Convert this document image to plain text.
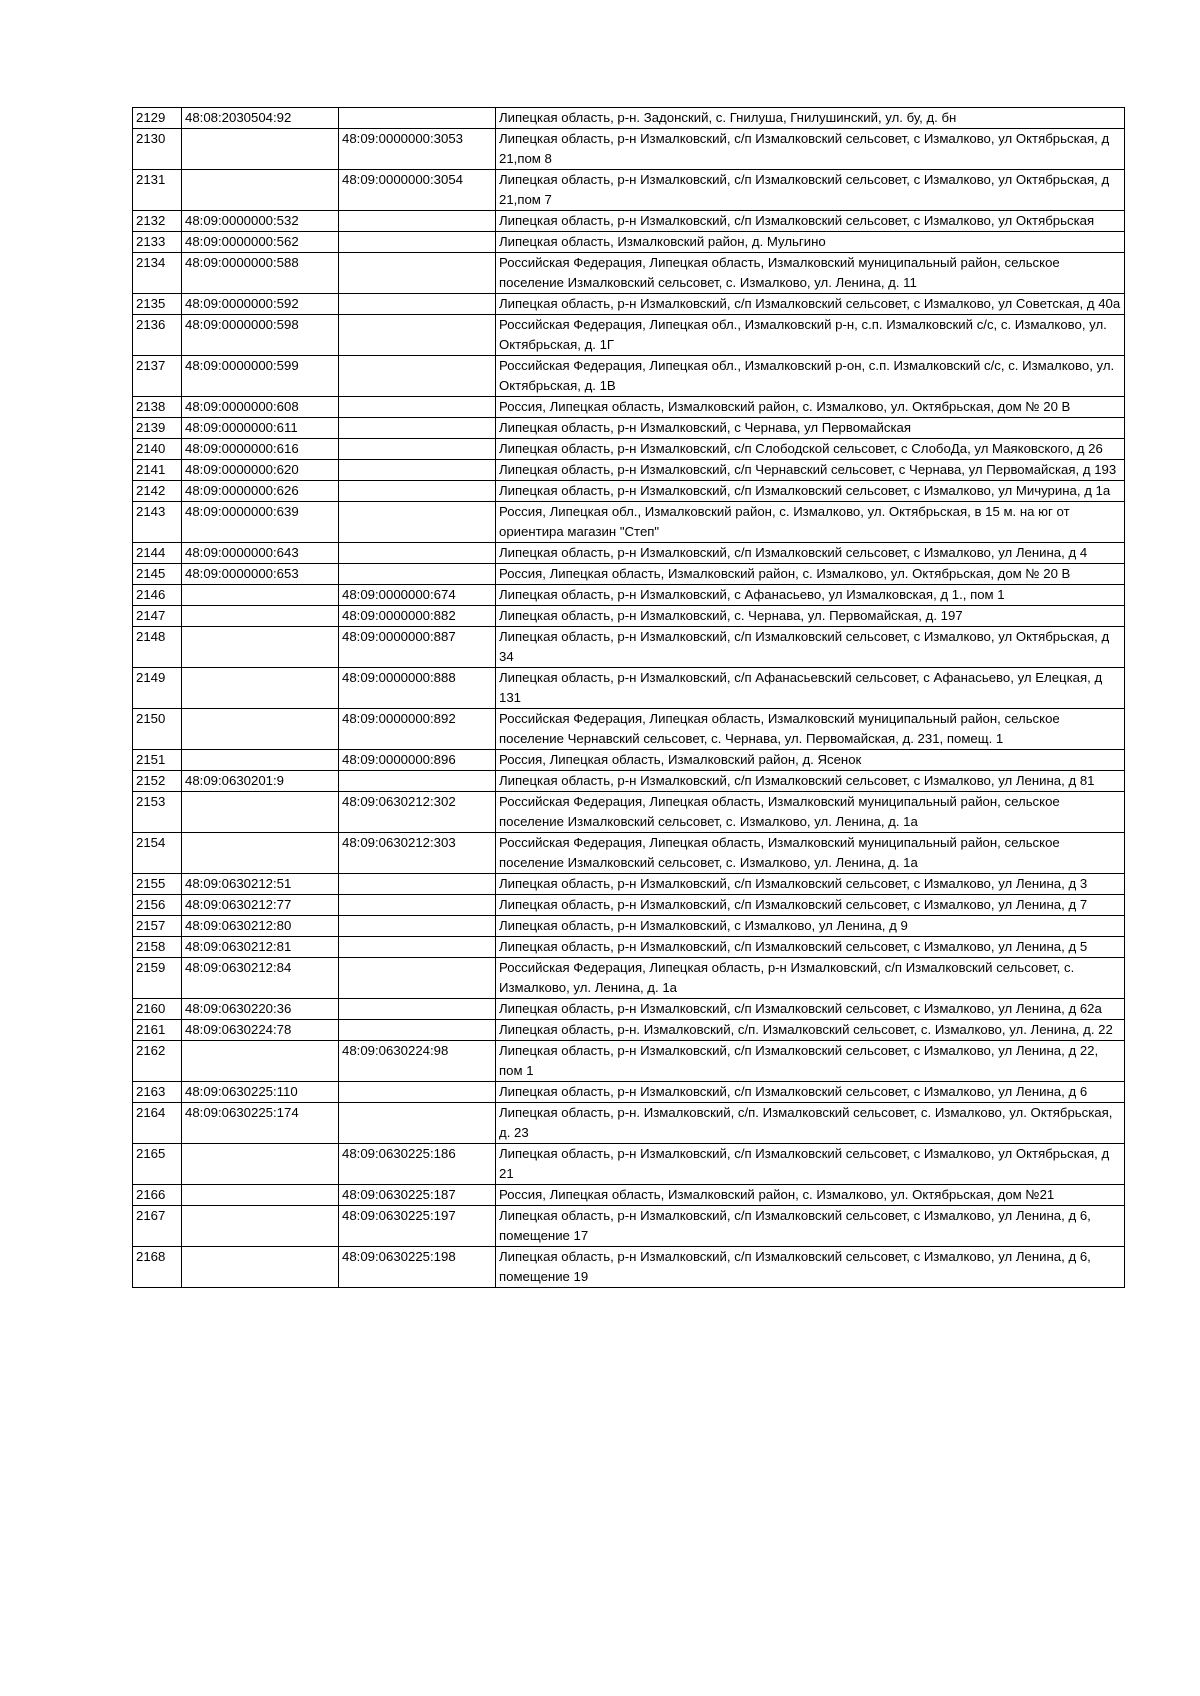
2129	48:08:2030504:92		Липецкая область, р-н. Задонский, с. Гнилуша, Гнилушинский, ул. бу, д. бн
2130		48:09:0000000:3053	Липецкая область, р-н Измалковский, с/п Измалковский сельсовет, с Измалково, ул Октябрьская, д 21,пом 8
2131		48:09:0000000:3054	Липецкая область, р-н Измалковский, с/п Измалковский сельсовет, с Измалково, ул Октябрьская, д 21,пом 7
2132	48:09:0000000:532		Липецкая область, р-н Измалковский, с/п Измалковский сельсовет, с Измалково, ул Октябрьская
2133	48:09:0000000:562		Липецкая область, Измалковский район, д. Мульгино
2134	48:09:0000000:588		Российская Федерация, Липецкая область, Измалковский муниципальный район, сельское поселение Измалковский сельсовет, с. Измалково, ул. Ленина, д. 11
2135	48:09:0000000:592		Липецкая область, р-н Измалковский, с/п Измалковский сельсовет, с Измалково, ул Советская, д 40а
2136	48:09:0000000:598		Российская Федерация, Липецкая обл., Измалковский р-н, с.п. Измалковский с/с, с. Измалково, ул. Октябрьская, д. 1Г
2137	48:09:0000000:599		Российская Федерация, Липецкая обл., Измалковский р-он, с.п. Измалковский с/с, с. Измалково, ул. Октябрьская, д. 1В
2138	48:09:0000000:608		Россия, Липецкая область, Измалковский район, с. Измалково, ул. Октябрьская, дом № 20 В
2139	48:09:0000000:611		Липецкая область, р-н Измалковский, с Чернава, ул Первомайская
2140	48:09:0000000:616		Липецкая область, р-н Измалковский, с/п Слободской сельсовет, с СлобоДа, ул Маяковского, д 26
2141	48:09:0000000:620		Липецкая область, р-н Измалковский, с/п Чернавский сельсовет, с Чернава, ул Первомайская, д 193
2142	48:09:0000000:626		Липецкая область, р-н Измалковский, с/п Измалковский сельсовет, с Измалково, ул Мичурина, д 1а
2143	48:09:0000000:639		Россия, Липецкая обл., Измалковский район, с. Измалково, ул. Октябрьская, в 15 м. на юг от ориентира магазин "Степ"
2144	48:09:0000000:643		Липецкая область, р-н Измалковский, с/п Измалковский сельсовет, с Измалково, ул Ленина, д 4
2145	48:09:0000000:653		Россия, Липецкая область, Измалковский район, с. Измалково, ул. Октябрьская, дом № 20 В
2146		48:09:0000000:674	Липецкая область, р-н Измалковский, с Афанасьево, ул Измалковская, д 1., пом 1
2147		48:09:0000000:882	Липецкая область, р-н Измалковский, с. Чернава, ул. Первомайская, д. 197
2148		48:09:0000000:887	Липецкая область, р-н Измалковский, с/п Измалковский сельсовет, с Измалково, ул Октябрьская, д 34
2149		48:09:0000000:888	Липецкая область, р-н Измалковский, с/п Афанасьевский сельсовет, с Афанасьево, ул Елецкая, д 131
2150		48:09:0000000:892	Российская Федерация, Липецкая область, Измалковский муниципальный район, сельское поселение Чернавский сельсовет, с. Чернава, ул. Первомайская, д. 231, помещ. 1
2151		48:09:0000000:896	Россия, Липецкая область, Измалковский район, д. Ясенок
2152	48:09:0630201:9		Липецкая область, р-н Измалковский, с/п Измалковский сельсовет, с Измалково, ул Ленина, д 81
2153		48:09:0630212:302	Российская Федерация, Липецкая область, Измалковский муниципальный район, сельское поселение Измалковский сельсовет, с. Измалково, ул. Ленина, д. 1а
2154		48:09:0630212:303	Российская Федерация, Липецкая область, Измалковский муниципальный район, сельское поселение Измалковский сельсовет, с. Измалково, ул. Ленина, д. 1а
2155	48:09:0630212:51		Липецкая область, р-н Измалковский, с/п Измалковский сельсовет, с Измалково, ул Ленина, д 3
2156	48:09:0630212:77		Липецкая область, р-н Измалковский, с/п Измалковский сельсовет, с Измалково, ул Ленина, д 7
2157	48:09:0630212:80		Липецкая область, р-н Измалковский, с Измалково, ул Ленина, д 9
2158	48:09:0630212:81		Липецкая область, р-н Измалковский, с/п Измалковский сельсовет, с Измалково, ул Ленина, д 5
2159	48:09:0630212:84		Российская Федерация, Липецкая область, р-н Измалковский, с/п Измалковский сельсовет, с. Измалково, ул. Ленина, д. 1а
2160	48:09:0630220:36		Липецкая область, р-н Измалковский, с/п Измалковский сельсовет, с Измалково, ул Ленина, д 62а
2161	48:09:0630224:78		Липецкая область, р-н. Измалковский, с/п. Измалковский сельсовет, с. Измалково, ул. Ленина, д. 22
2162		48:09:0630224:98	Липецкая область, р-н Измалковский, с/п Измалковский сельсовет, с Измалково, ул Ленина, д 22, пом 1
2163	48:09:0630225:110		Липецкая область, р-н Измалковский, с/п Измалковский сельсовет, с Измалково, ул Ленина, д 6
2164	48:09:0630225:174		Липецкая область, р-н. Измалковский, с/п. Измалковский сельсовет, с. Измалково, ул. Октябрьская, д. 23
2165		48:09:0630225:186	Липецкая область, р-н Измалковский, с/п Измалковский сельсовет, с Измалково, ул Октябрьская, д 21
2166		48:09:0630225:187	Россия, Липецкая область, Измалковский район, с. Измалково, ул. Октябрьская, дом №21
2167		48:09:0630225:197	Липецкая область, р-н Измалковский, с/п Измалковский сельсовет, с Измалково, ул Ленина, д 6, помещение 17
2168		48:09:0630225:198	Липецкая область, р-н Измалковский, с/п Измалковский сельсовет, с Измалково, ул Ленина, д 6, помещение 19
